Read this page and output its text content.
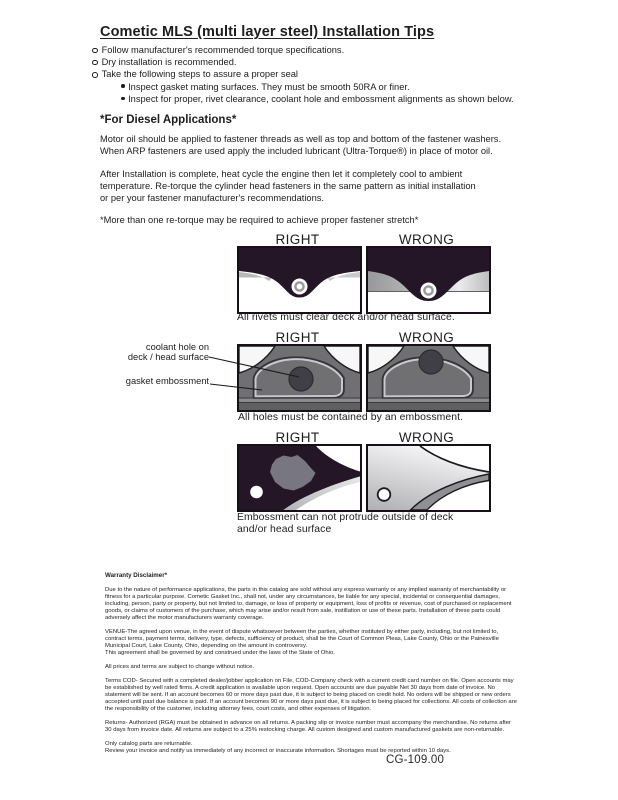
Cometic MLS (multi layer steel) Installation Tips
Follow manufacturer's recommended torque specifications.
Dry installation is recommended.
Take the following steps to assure a proper seal
Inspect gasket mating surfaces. They must be smooth 50RA or finer.
Inspect for proper, rivet clearance, coolant hole and embossment alignments as shown below.
*For Diesel Applications*
Motor oil should be applied to fastener threads as well as top and bottom of the fastener washers.
When ARP fasteners are used apply the included lubricant (Ultra-Torque®) in place of motor oil.
After Installation is complete, heat cycle the engine then let it completely cool to ambient
temperature. Re-torque the cylinder head fasteners in the same pattern as initial installation
or per your fastener manufacturer's recommendations.
*More than one re-torque may be required to achieve proper fastener stretch*
RIGHT	WRONG
All rivets must clear deck and/or head surface.
RIGHT	WRONG
coolant hole on
deck / head surface
gasket embossment
All holes must be contained by an embossment.
RIGHT	WRONG
Embossment can not protrude outside of deck
and/or head surface

Warranty Disclaimer*

Due to the nature of performance applications, the parts in this catalog are sold without any express warranty or any implied warranty of merchantability or fitness for a particular purpose. Cometic Gasket Inc., shall not, under any circumstances, be liable for any special, incidental or consequential damages, including, person, party or property, but not limited to, damage, or loss of property or equipment, loss of profits or revenue, cost of purchased or replacement goods, or claims of customers of the purchase, which may arise and/or result from sale, instillation or use of these parts. Installation of these parts could adversely affect the motor manufacturers warranty coverage.

VENUE-The agreed upon venue, in the event of dispute whatsoever between the parties, whether instituted by either party, including, but not limited to, contract terms, payment terms, delivery, type, defects, sufficiency of product, shall be the Court of Common Pleas, Lake County, Ohio or the Painesville Municipal Court, Lake County, Ohio, depending on the amount in controversy.

This agreement shall be governed by and construed under the laws of the State of Ohio.

All prices and terms are subject to change without notice.

Terms COD- Secured with a completed dealer/jobber application on File, COD-Company check with a current credit card number on file. Open accounts may be established by well rated firms. A credit application is available upon request. Open accounts are due payable Net 30 days from date of invoice. No statement will be sent. If an account becomes 60 or more days past due, it is subject to being placed on credit hold. No orders will be shipped or new orders accepted until past due balance is paid. If an account becomes 90 or more days past due, it is subject to being placed for collections. All costs of collection are the responsibility of the customer, including attorney fees, court costs, and other expenses of litigation.

Returns- Authorized (RGA) must be obtained in advance on all returns. A packing slip or invoice number must accompany the merchandise. No returns after 30 days from invoice date. All returns are subject to a 25% restocking charge. All custom designed and custom manufactured gaskets are non-returnable.

Only catalog parts are returnable.

Review your invoice and notify us immediately of any incorrect or inaccurate information. Shortages must be reported within 10 days.

CG-109.00
